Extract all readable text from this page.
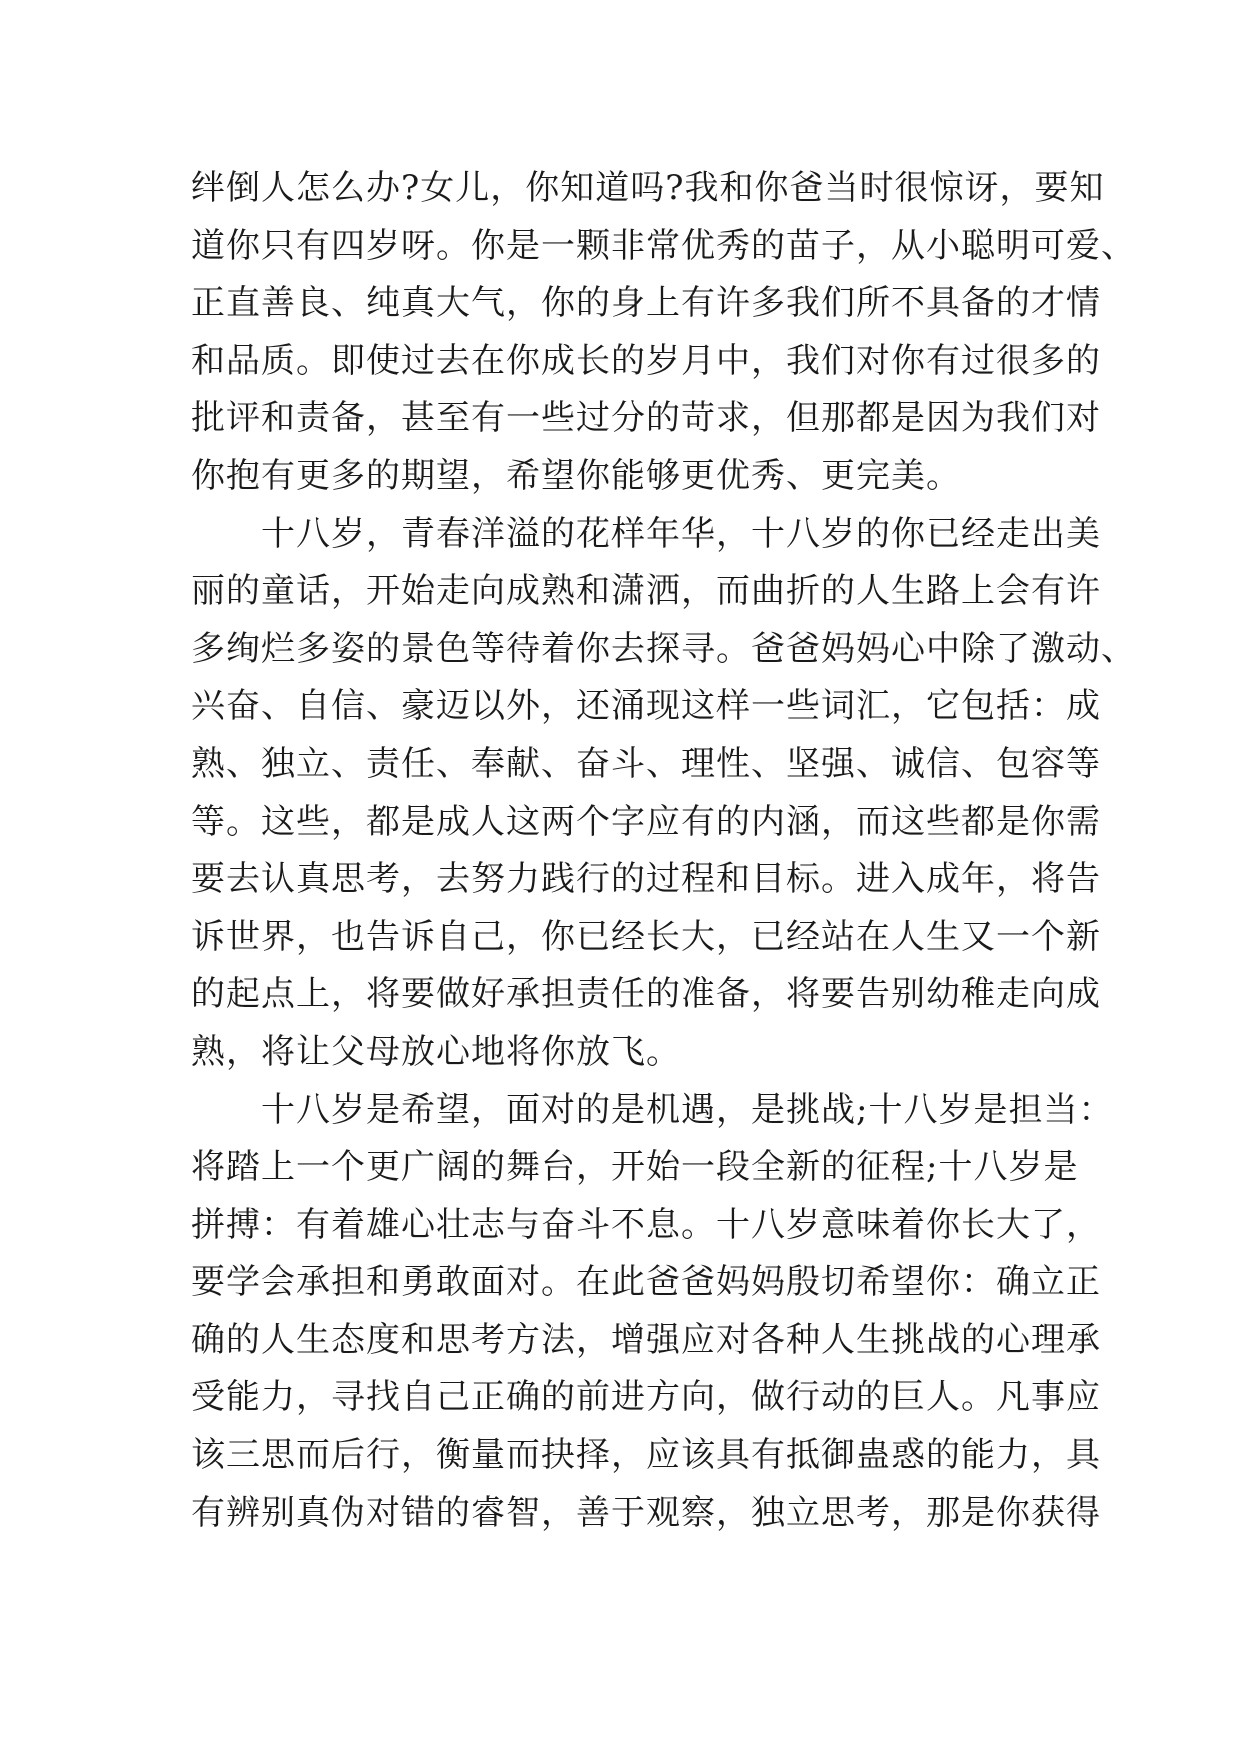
绊倒人怎么办?女儿，你知道吗?我和你爸当时很惊讶，要知
道你只有四岁呀。你是一颗非常优秀的苗子，从小聪明可爱、
正直善良、纯真大气，你的身上有许多我们所不具备的才情
和品质。即使过去在你成长的岁月中，我们对你有过很多的
批评和责备，甚至有一些过分的苛求，但那都是因为我们对
你抱有更多的期望，希望你能够更优秀、更完美。
　　十八岁，青春洋溢的花样年华，十八岁的你已经走出美
丽的童话，开始走向成熟和潇洒，而曲折的人生路上会有许
多绚烂多姿的景色等待着你去探寻。爸爸妈妈心中除了激动、
兴奋、自信、豪迈以外，还涌现这样一些词汇，它包括：成
熟、独立、责任、奉献、奋斗、理性、坚强、诚信、包容等
等。这些，都是成人这两个字应有的内涵，而这些都是你需
要去认真思考，去努力践行的过程和目标。进入成年，将告
诉世界，也告诉自己，你已经长大，已经站在人生又一个新
的起点上，将要做好承担责任的准备，将要告别幼稚走向成
熟，将让父母放心地将你放飞。
　　十八岁是希望，面对的是机遇，是挑战;十八岁是担当：
将踏上一个更广阔的舞台，开始一段全新的征程;十八岁是
拼搏：有着雄心壮志与奋斗不息。十八岁意味着你长大了，
要学会承担和勇敢面对。在此爸爸妈妈殷切希望你：确立正
确的人生态度和思考方法，增强应对各种人生挑战的心理承
受能力，寻找自己正确的前进方向，做行动的巨人。凡事应
该三思而后行，衡量而抉择，应该具有抵御蛊惑的能力，具
有辨别真伪对错的睿智，善于观察，独立思考，那是你获得
